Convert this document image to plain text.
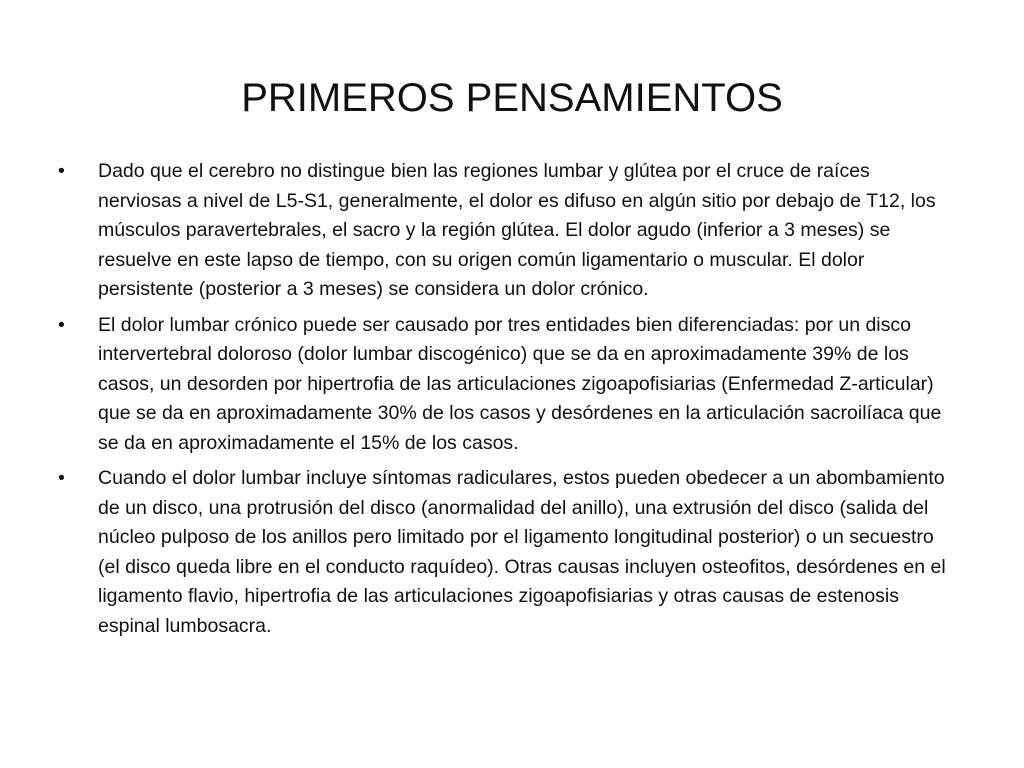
PRIMEROS PENSAMIENTOS
•	Dado que el cerebro no distingue bien las regiones lumbar y glútea por el cruce de raíces nerviosas a nivel de L5-S1, generalmente, el dolor es difuso en algún sitio por debajo de T12, los músculos paravertebrales, el sacro y la región glútea. El dolor agudo (inferior a 3 meses) se resuelve en este lapso de tiempo, con su origen común ligamentario o muscular. El dolor persistente (posterior a 3 meses) se considera un dolor crónico.
•	El dolor lumbar crónico puede ser causado por tres entidades bien diferenciadas: por un disco intervertebral doloroso (dolor lumbar discogénico) que se da en aproximadamente 39% de los casos, un desorden por hipertrofia de las articulaciones zigoapofisiarias (Enfermedad Z-articular) que se da en aproximadamente 30% de los casos y desórdenes en la articulación sacroilíaca que se da en aproximadamente el 15% de los casos.
•	Cuando el dolor lumbar incluye síntomas radiculares, estos pueden obedecer a un abombamiento de un disco, una protrusión del disco (anormalidad del anillo), una extrusión del disco (salida del núcleo pulposo de los anillos pero limitado por el ligamento longitudinal posterior) o un secuestro (el disco queda libre en el conducto raquídeo). Otras causas incluyen osteofitos, desórdenes en el ligamento flavio, hipertrofia de las articulaciones zigoapofisiarias y otras causas de estenosis espinal lumbosacra.
